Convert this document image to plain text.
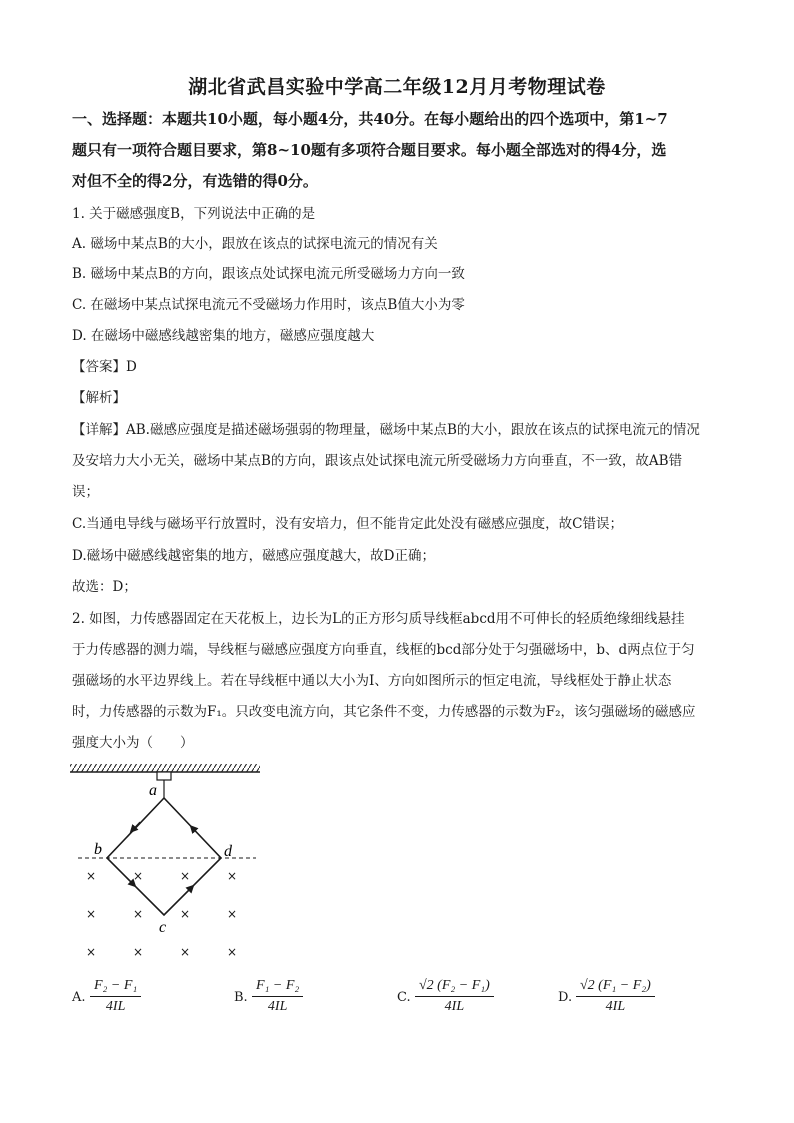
湖北省武昌实验中学高二年级12月月考物理试卷
一、选择题：本题共10小题，每小题4分，共40分。在每小题给出的四个选项中，第1~7
题只有一项符合题目要求，第8~10题有多项符合题目要求。每小题全部选对的得4分，选
对但不全的得2分，有选错的得0分。
1. 关于磁感强度B，下列说法中正确的是
A. 磁场中某点B的大小，跟放在该点的试探电流元的情况有关
B. 磁场中某点B的方向，跟该点处试探电流元所受磁场力方向一致
C. 在磁场中某点试探电流元不受磁场力作用时，该点B值大小为零
D. 在磁场中磁感线越密集的地方，磁感应强度越大
【答案】D
【解析】
【详解】AB.磁感应强度是描述磁场强弱的物理量，磁场中某点B的大小，跟放在该点的试探电流元的情况
及安培力大小无关，磁场中某点B的方向，跟该点处试探电流元所受磁场力方向垂直，不一致，故AB错
误；
C.当通电导线与磁场平行放置时，没有安培力，但不能肯定此处没有磁感应强度，故C错误；
D.磁场中磁感线越密集的地方，磁感应强度越大，故D正确；
故选：D；
2. 如图，力传感器固定在天花板上，边长为L的正方形匀质导线框abcd用不可伸长的轻质绝缘细线悬挂
于力传感器的测力端，导线框与磁感应强度方向垂直，线框的bcd部分处于匀强磁场中，b、d两点位于匀
强磁场的水平边界线上。若在导线框中通以大小为I、方向如图所示的恒定电流，导线框处于静止状态
时，力传感器的示数为F₁。只改变电流方向，其它条件不变，力传感器的示数为F₂，该匀强磁场的磁感应
强度大小为（　　）
a
b	d
c
×	×	×	×
×	×	×	×
×	×	×	×
A. $\frac{\text{F₂ − F₁}}{4IL}$	B. $\frac{\text{F₁ − F₂}}{4IL}$	C. $\frac{\text{√2 (F₂ − F₁)}}{4IL}$	D. $\frac{\text{√2 (F₁ − F₂)}}{4IL}$
